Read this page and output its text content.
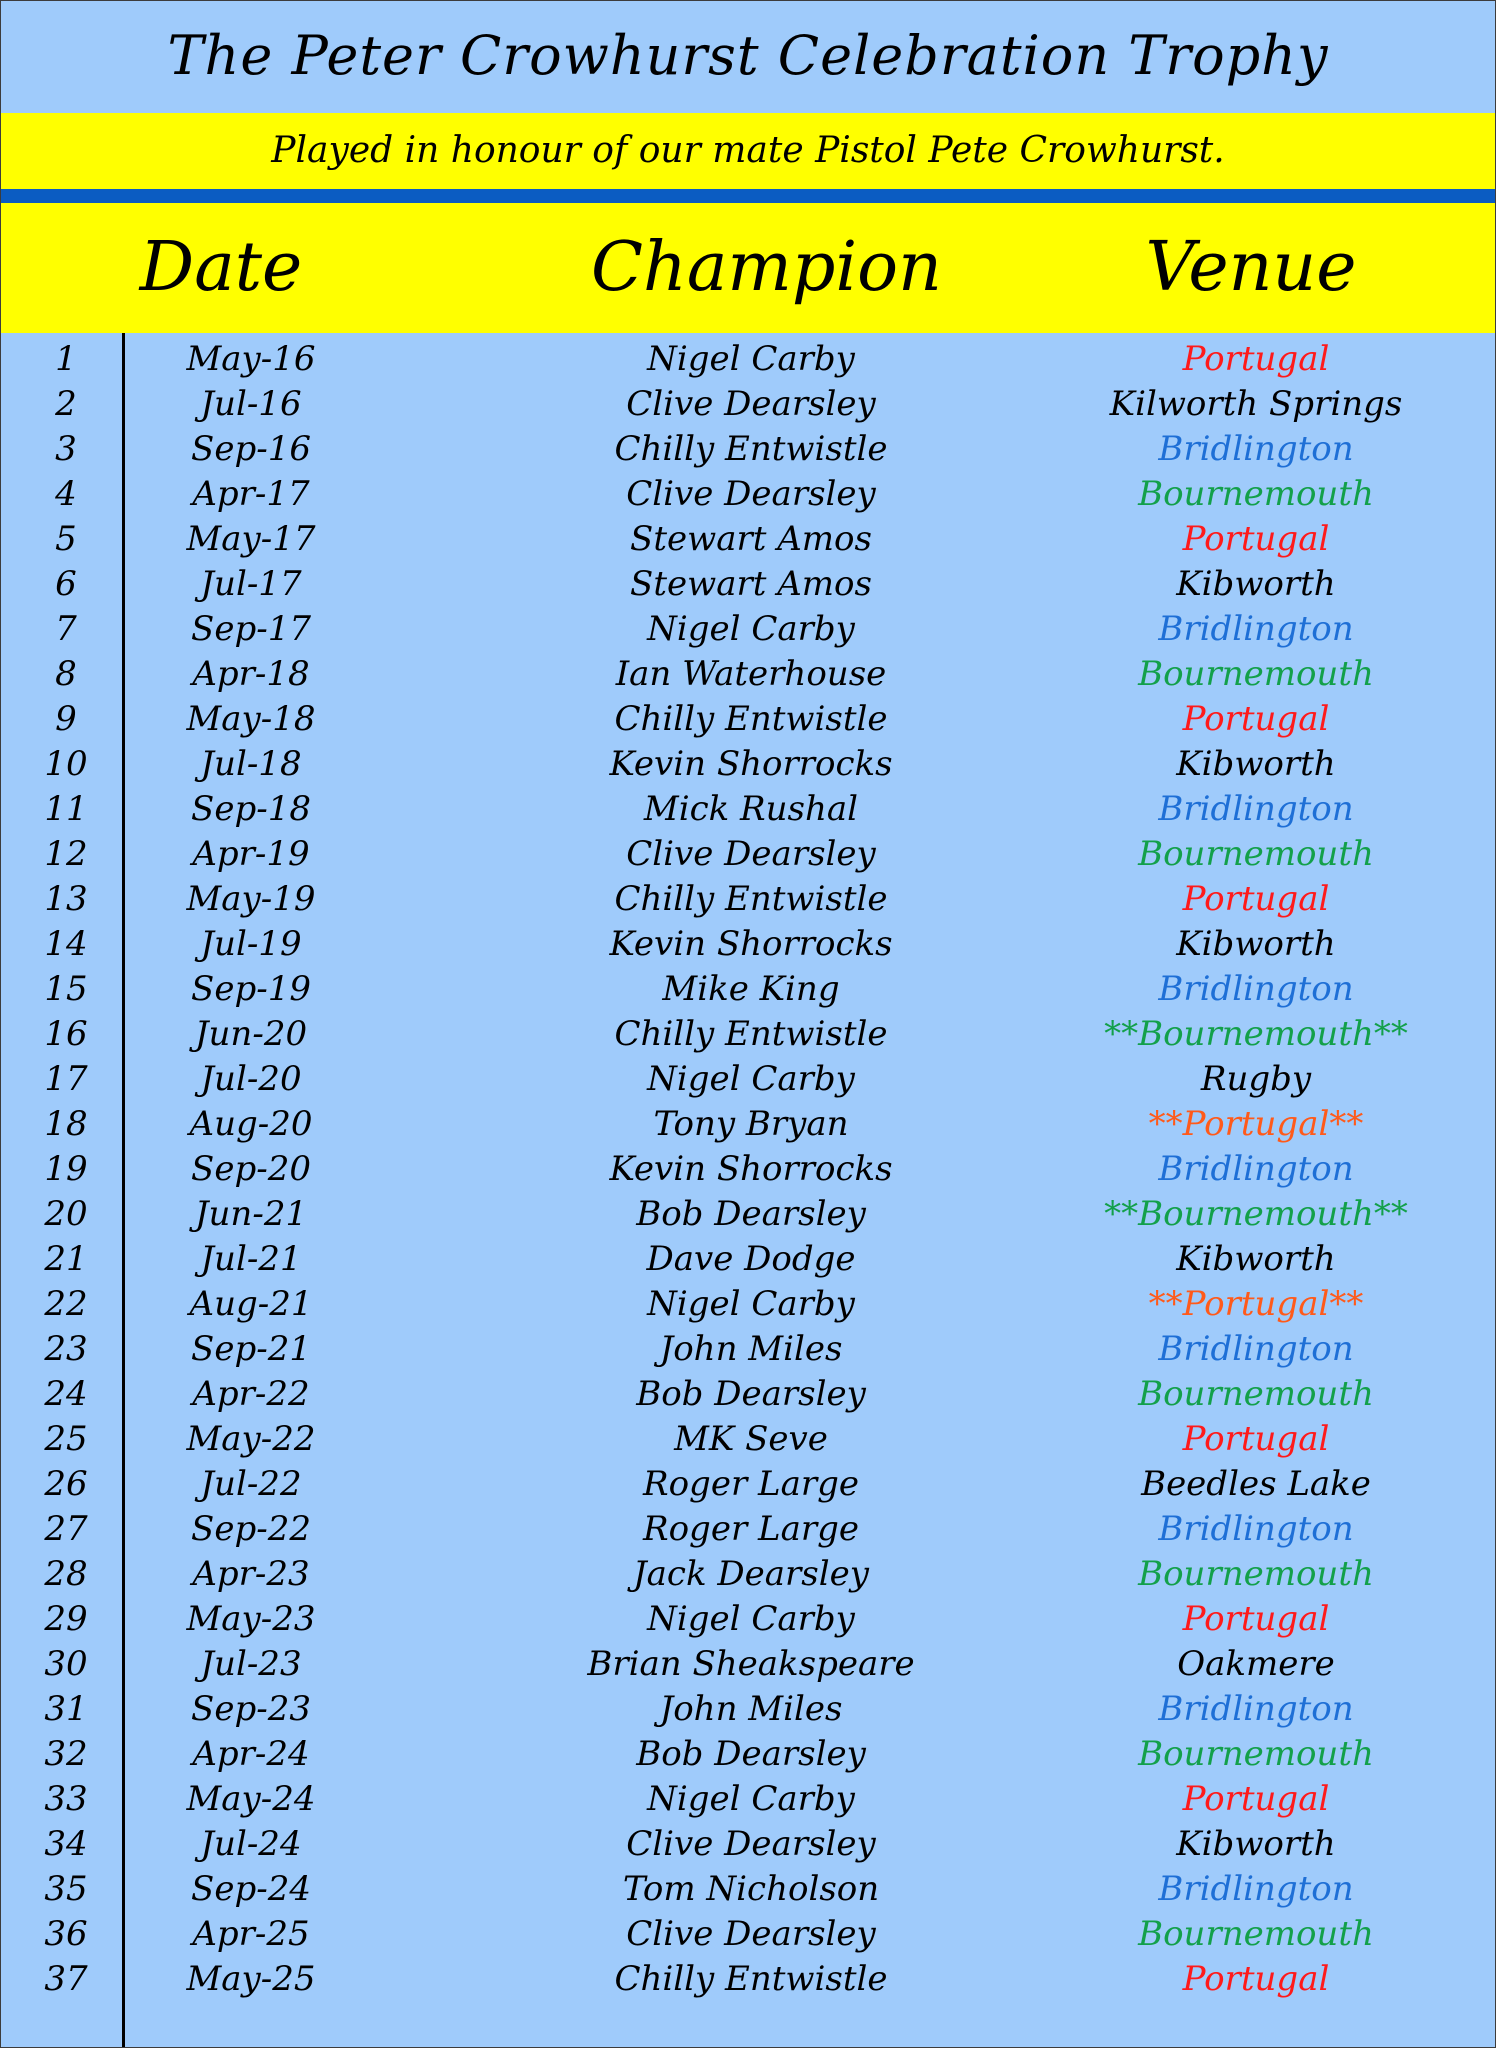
The Peter Crowhurst Celebration Trophy
Played in honour of our mate Pistol Pete Crowhurst.
Date	Champion	Venue
1	May-16	Nigel Carby	Portugal
2	Jul-16	Clive Dearsley	Kilworth Springs
3	Sep-16	Chilly Entwistle	Bridlington
4	Apr-17	Clive Dearsley	Bournemouth
5	May-17	Stewart Amos	Portugal
6	Jul-17	Stewart Amos	Kibworth
7	Sep-17	Nigel Carby	Bridlington
8	Apr-18	Ian Waterhouse	Bournemouth
9	May-18	Chilly Entwistle	Portugal
10	Jul-18	Kevin Shorrocks	Kibworth
11	Sep-18	Mick Rushal	Bridlington
12	Apr-19	Clive Dearsley	Bournemouth
13	May-19	Chilly Entwistle	Portugal
14	Jul-19	Kevin Shorrocks	Kibworth
15	Sep-19	Mike King	Bridlington
16	Jun-20	Chilly Entwistle	**Bournemouth**
17	Jul-20	Nigel Carby	Rugby
18	Aug-20	Tony Bryan	**Portugal**
19	Sep-20	Kevin Shorrocks	Bridlington
20	Jun-21	Bob Dearsley	**Bournemouth**
21	Jul-21	Dave Dodge	Kibworth
22	Aug-21	Nigel Carby	**Portugal**
23	Sep-21	John Miles	Bridlington
24	Apr-22	Bob Dearsley	Bournemouth
25	May-22	MK Seve	Portugal
26	Jul-22	Roger Large	Beedles Lake
27	Sep-22	Roger Large	Bridlington
28	Apr-23	Jack Dearsley	Bournemouth
29	May-23	Nigel Carby	Portugal
30	Jul-23	Brian Sheakspeare	Oakmere
31	Sep-23	John Miles	Bridlington
32	Apr-24	Bob Dearsley	Bournemouth
33	May-24	Nigel Carby	Portugal
34	Jul-24	Clive Dearsley	Kibworth
35	Sep-24	Tom Nicholson	Bridlington
36	Apr-25	Clive Dearsley	Bournemouth
37	May-25	Chilly Entwistle	Portugal
